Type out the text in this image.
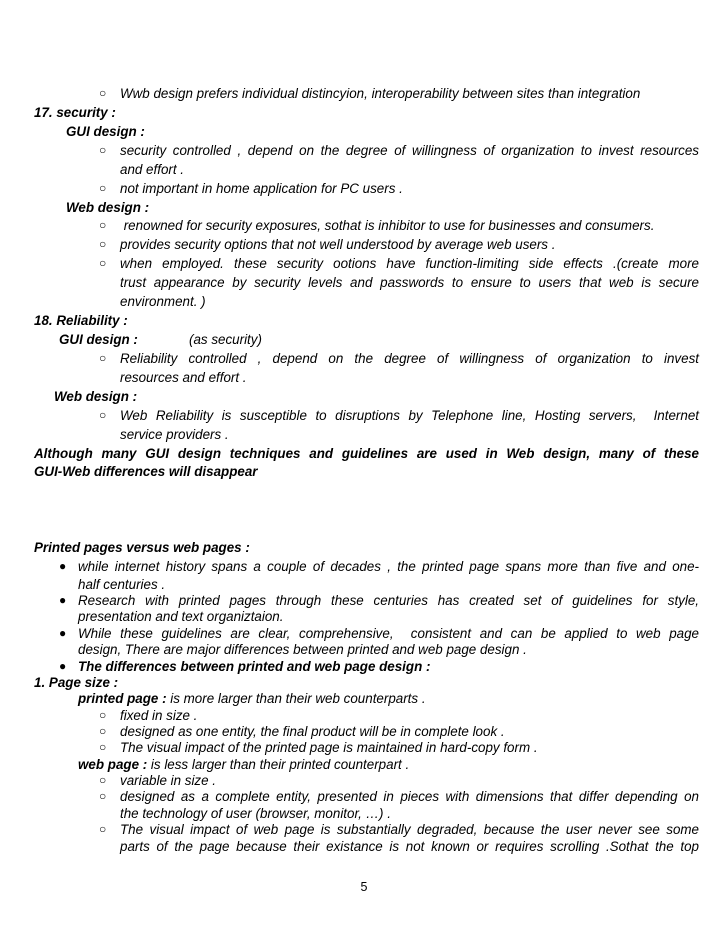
○ Wwb design prefers individual distincyion, interoperability between sites than integration
17. security :
GUI design :
○ security controlled , depend on the degree of willingness of organization to invest resources
and effort .
○ not important in home application for PC users .
Web design :
○ renowned for security exposures, sothat is inhibitor to use for businesses and consumers.
○ provides security options that not well understood by average web users .
○ when employed. these security ootions have function-limiting side effects .(create more
trust appearance by security levels and passwords to ensure to users that web is secure
environment. )
18. Reliability :
GUI design :	(as security)
○ Reliability controlled , depend on the degree of willingness of organization to invest
resources and effort .
Web design :
○ Web Reliability is susceptible to disruptions by Telephone line, Hosting servers,  Internet
service providers .
Although many GUI design techniques and guidelines are used in Web design, many of these
GUI-Web differences will disappear
Printed pages versus web pages :
● while internet history spans a couple of decades , the printed page spans more than five and one-
half centuries .
● Research with printed pages through these centuries has created set of guidelines for style,
presentation and text organiztaion.
● While these guidelines are clear, comprehensive,  consistent and can be applied to web page
design, There are major differences between printed and web page design .
● The differences between printed and web page design :
1. Page size :
printed page : is more larger than their web counterparts .
○ fixed in size .
○ designed as one entity, the final product will be in complete look .
○ The visual impact of the printed page is maintained in hard-copy form .
web page : is less larger than their printed counterpart .
○ variable in size .
○ designed as a complete entity, presented in pieces with dimensions that differ depending on
the technology of user (browser, monitor, …) .
○ The visual impact of web page is substantially degraded, because the user never see some
parts of the page because their existance is not known or requires scrolling .Sothat the top
5
